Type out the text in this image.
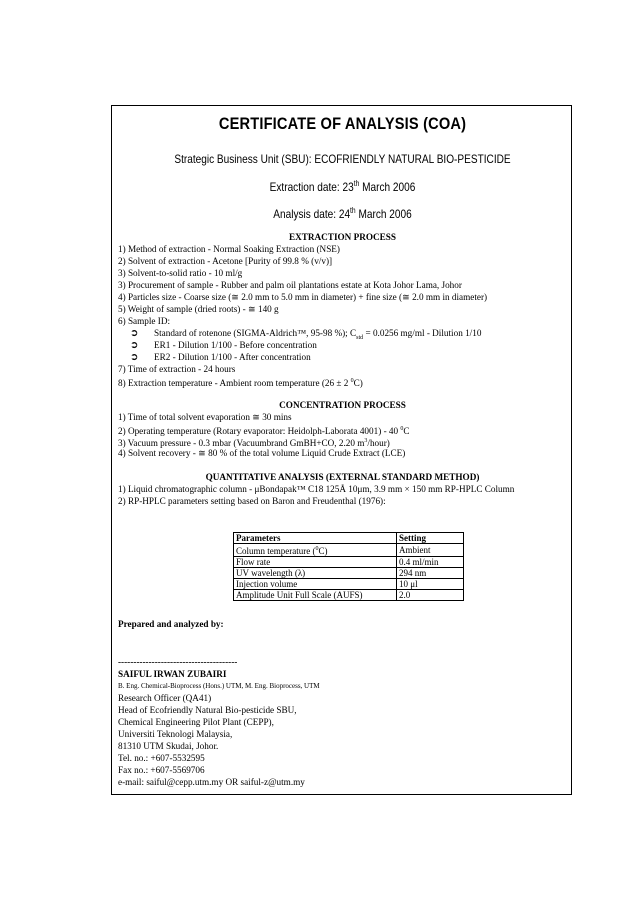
CERTIFICATE OF ANALYSIS (COA)
Strategic Business Unit (SBU): ECOFRIENDLY NATURAL BIO-PESTICIDE
Extraction date: 23th March 2006
Analysis date: 24th March 2006
EXTRACTION PROCESS
1) Method of extraction - Normal Soaking Extraction (NSE)
2) Solvent of extraction - Acetone [Purity of 99.8 % (v/v)]
3) Solvent-to-solid ratio - 10 ml/g
3) Procurement of sample - Rubber and palm oil plantations estate at Kota Johor Lama, Johor
4) Particles size - Coarse size (≅ 2.0 mm to 5.0 mm in diameter) + fine size (≅ 2.0 mm in diameter)
5) Weight of sample (dried roots) - ≅ 140 g
6) Sample ID:
➲ Standard of rotenone (SIGMA-Aldrich™, 95-98 %); $C_{std} = 0.0256$ mg/ml - Dilution 1/10
➲ ER1 - Dilution 1/100 - Before concentration
➲ ER2 - Dilution 1/100 - After concentration
7) Time of extraction - 24 hours
8) Extraction temperature - Ambient room temperature (26 ± 2 $^0$C)
CONCENTRATION PROCESS
1) Time of total solvent evaporation ≅ 30 mins
2) Operating temperature (Rotary evaporator: Heidolph-Laborata 4001) - 40 $^0$C
3) Vacuum pressure - 0.3 mbar (Vacuumbrand GmBH+CO, 2.20 $m^3/hour$)
4) Solvent recovery - ≅ 80 % of the total volume Liquid Crude Extract (LCE)
QUANTITATIVE ANALYSIS (EXTERNAL STANDARD METHOD)
1) Liquid chromatographic column - μBondapak™ C18 125Å 10μm, 3.9 mm × 150 mm RP-HPLC Column
2) RP-HPLC parameters setting based on Baron and Freudenthal (1976):
Parameters	Setting
Column temperature ($^0$C)	Ambient
Flow rate	0.4 ml/min
UV wavelength (λ)	294 nm
Injection volume	10 μl
Amplitude Unit Full Scale (AUFS)	2.0
Prepared and analyzed by:
---------------------------------------
SAIFUL IRWAN ZUBAIRI
B. Eng. Chemical-Bioprocess (Hons.) UTM, M. Eng. Bioprocess, UTM
Research Officer (QA41)
Head of Ecofriendly Natural Bio-pesticide SBU,
Chemical Engineering Pilot Plant (CEPP),
Universiti Teknologi Malaysia,
81310 UTM Skudai, Johor.
Tel. no.: +607-5532595
Fax no.: +607-5569706
e-mail: saiful@cepp.utm.my OR saiful-z@utm.my
